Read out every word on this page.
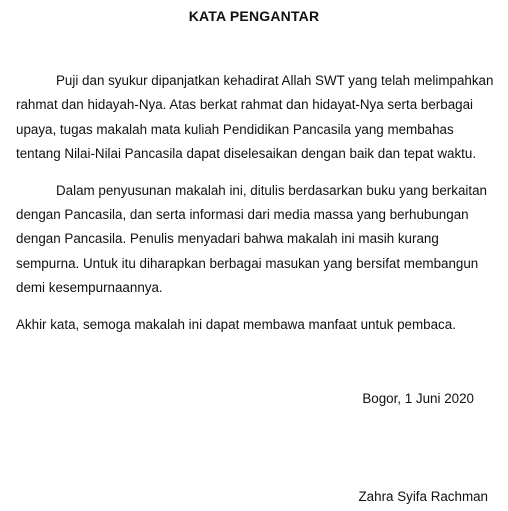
KATA PENGANTAR

Puji dan syukur dipanjatkan kehadirat Allah SWT yang telah melimpahkan
rahmat dan hidayah-Nya. Atas berkat rahmat dan hidayat-Nya serta berbagai
upaya, tugas makalah mata kuliah Pendidikan Pancasila yang membahas
tentang Nilai-Nilai Pancasila dapat diselesaikan dengan baik dan tepat waktu.

Dalam penyusunan makalah ini, ditulis berdasarkan buku yang berkaitan
dengan Pancasila, dan serta informasi dari media massa yang berhubungan
dengan Pancasila. Penulis menyadari bahwa makalah ini masih kurang
sempurna. Untuk itu diharapkan berbagai masukan yang bersifat membangun
demi kesempurnaannya.

Akhir kata, semoga makalah ini dapat membawa manfaat untuk pembaca.

Bogor, 1 Juni 2020
Zahra Syifa Rachman
